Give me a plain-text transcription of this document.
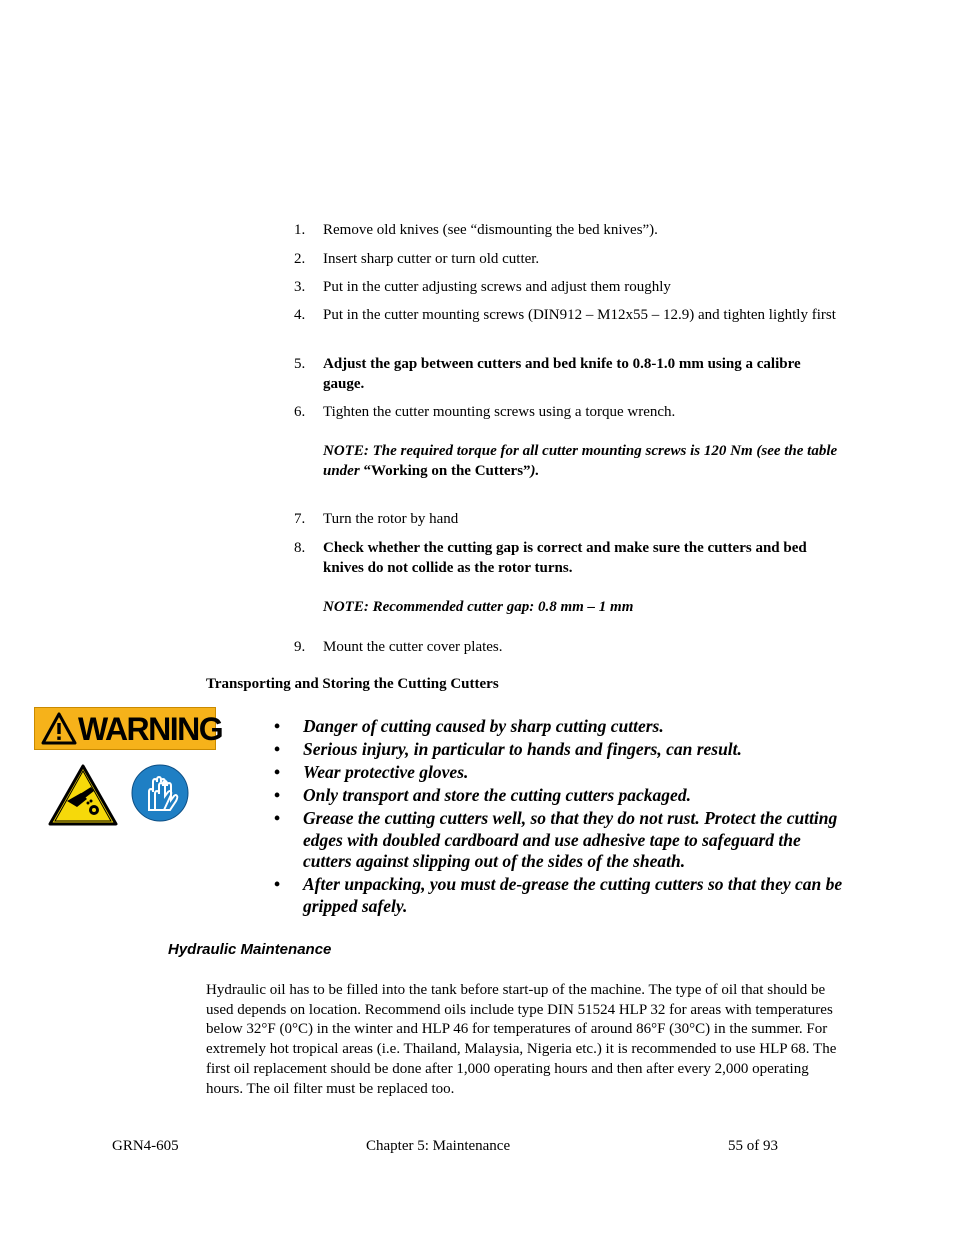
1.	Remove old knives (see “dismounting the bed knives”).
2.	Insert sharp cutter or turn old cutter.
3.	Put in the cutter adjusting screws and adjust them roughly
4.	Put in the cutter mounting screws (DIN912 – M12x55 – 12.9) and tighten lightly first
5.	Adjust the gap between cutters and bed knife to 0.8-1.0 mm using a calibre gauge.
6.	Tighten the cutter mounting screws using a torque wrench.
NOTE: The required torque for all cutter mounting screws is 120 Nm (see the table under “Working on the Cutters”).
7.	Turn the rotor by hand
8.	Check whether the cutting gap is correct and make sure the cutters and bed knives do not collide as the rotor turns.
NOTE: Recommended cutter gap: 0.8 mm – 1 mm
9.	Mount the cutter cover plates.
Transporting and Storing the Cutting Cutters
WARNING	• Danger of cutting caused by sharp cutting cutters.
• Serious injury, in particular to hands and fingers, can result.
• Wear protective gloves.
• Only transport and store the cutting cutters packaged.
• Grease the cutting cutters well, so that they do not rust. Protect the cutting edges with doubled cardboard and use adhesive tape to safeguard the cutters against slipping out of the sides of the sheath.
• After unpacking, you must de-grease the cutting cutters so that they can be gripped safely.
Hydraulic Maintenance

Hydraulic oil has to be filled into the tank before start-up of the machine. The type of oil that should be used depends on location. Recommend oils include type DIN 51524 HLP 32 for areas with temperatures below 32°F (0°C) in the winter and HLP 46 for temperatures of around 86°F (30°C) in the summer. For extremely hot tropical areas (i.e. Thailand, Malaysia, Nigeria etc.) it is recommended to use HLP 68. The first oil replacement should be done after 1,000 operating hours and then after every 2,000 operating hours. The oil filter must be replaced too.

GRN4-605	Chapter 5: Maintenance	55 of 93
